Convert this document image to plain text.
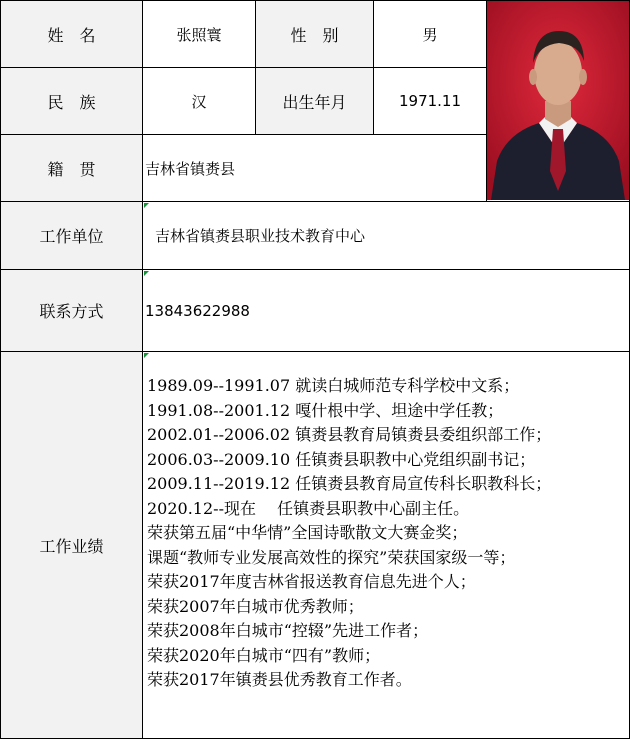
姓　名	张照寰	性　别	男
民　族	汉	出生年月	1971.11
籍　贯	吉林省镇赉县
工作单位	吉林省镇赉县职业技术教育中心
联系方式	13843622988
工作业绩
1989.09--1991.07 就读白城师范专科学校中文系；
1991.08--2001.12 嘎什根中学、坦途中学任教；
2002.01--2006.02 镇赉县教育局镇赉县委组织部工作；
2006.03--2009.10 任镇赉县职教中心党组织副书记；
2009.11--2019.12 任镇赉县教育局宣传科长职教科长；
2020.12--现在　 任镇赉县职教中心副主任。
荣获第五届“中华情”全国诗歌散文大赛金奖；
课题“教师专业发展高效性的探究”荣获国家级一等；
荣获2017年度吉林省报送教育信息先进个人；
荣获2007年白城市优秀教师；
荣获2008年白城市“控辍”先进工作者；
荣获2020年白城市“四有”教师；
荣获2017年镇赉县优秀教育工作者。
